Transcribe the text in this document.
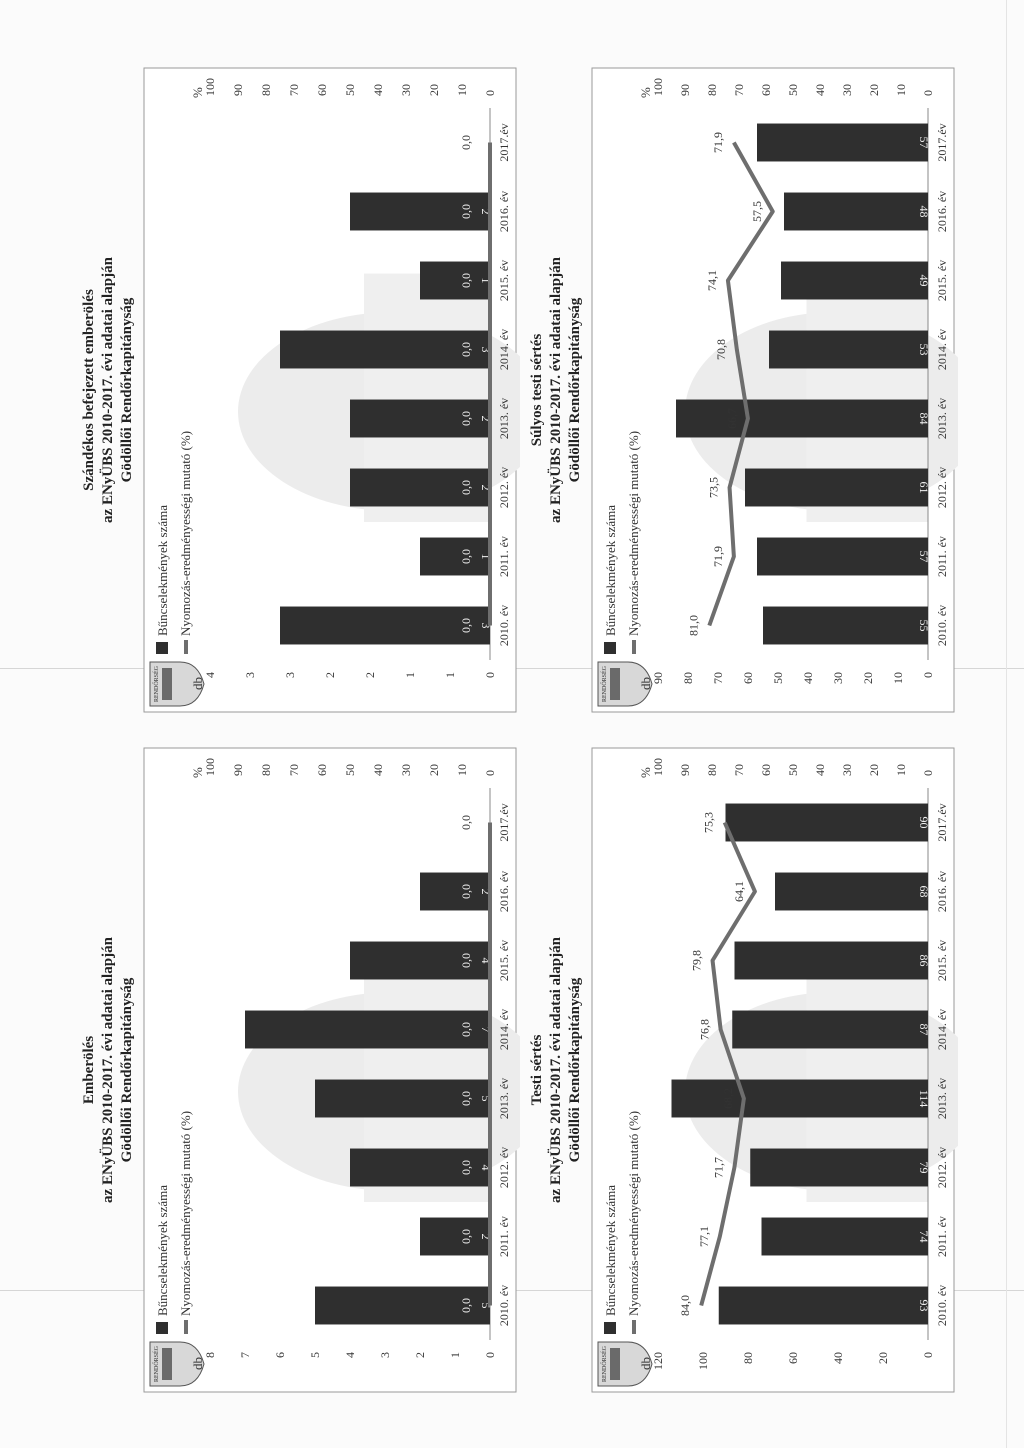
Emberölés az ENyÜBS 2010-2017. évi adatai alapján Gödöllői Rendőrkapitányság
RENDŐRSÉG db
%
0
1
2
3
4
5
6
7
8
0
10
20
30
40
50
60
70
80
90
100
2010. év
5
2011. év
2
2012. év
4
2013. év
5
2014. év
7
2015. év
4
2016. év
2
2017.év
0,0
0,0
0,0
0,0
0,0
0,0
0,0
0,0
Bűncselekmények száma Nyomozás-eredményességi mutató (%)
Szándékos befejezett emberölés az ENyÜBS 2010-2017. évi adatai alapján Gödöllői Rendőrkapitányság
RENDŐRSÉG db
%
0
1
1
2
2
3
3
4
0
10
20
30
40
50
60
70
80
90
100
2010. év
3
2011. év
1
2012. év
2
2013. év
2
2014. év
3
2015. év
1
2016. év
2
2017.év
0,0
0,0
0,0
0,0
0,0
0,0
0,0
0,0
Bűncselekmények száma Nyomozás-eredményességi mutató (%)
Testi sértés az ENyÜBS 2010-2017. évi adatai alapján Gödöllői Rendőrkapitányság
RENDŐRSÉG db
%
0
20
40
60
80
100
120
0
10
20
30
40
50
60
70
80
90
100
2010. év
93
2011. év
74
2012. év
79
2013. év
114
2014. év
87
2015. év
86
2016. év
68
2017.év
90
84,0
77,1
71,7
68,2
76,8
79,8
64,1
75,3
Bűncselekmények száma Nyomozás-eredményességi mutató (%)
Súlyos testi sértés az ENyÜBS 2010-2017. évi adatai alapján Gödöllői Rendőrkapitányság
RENDŐRSÉG db
%
0
10
20
30
40
50
60
70
80
90
0
10
20
30
40
50
60
70
80
90
100
2010. év
55
2011. év
57
2012. év
61
2013. év
84
2014. év
53
2015. év
49
2016. év
48
2017.év
57
81,0
71,9
73,5
66,7
70,8
74,1
57,5
71,9
Bűncselekmények száma Nyomozás-eredményességi mutató (%)
